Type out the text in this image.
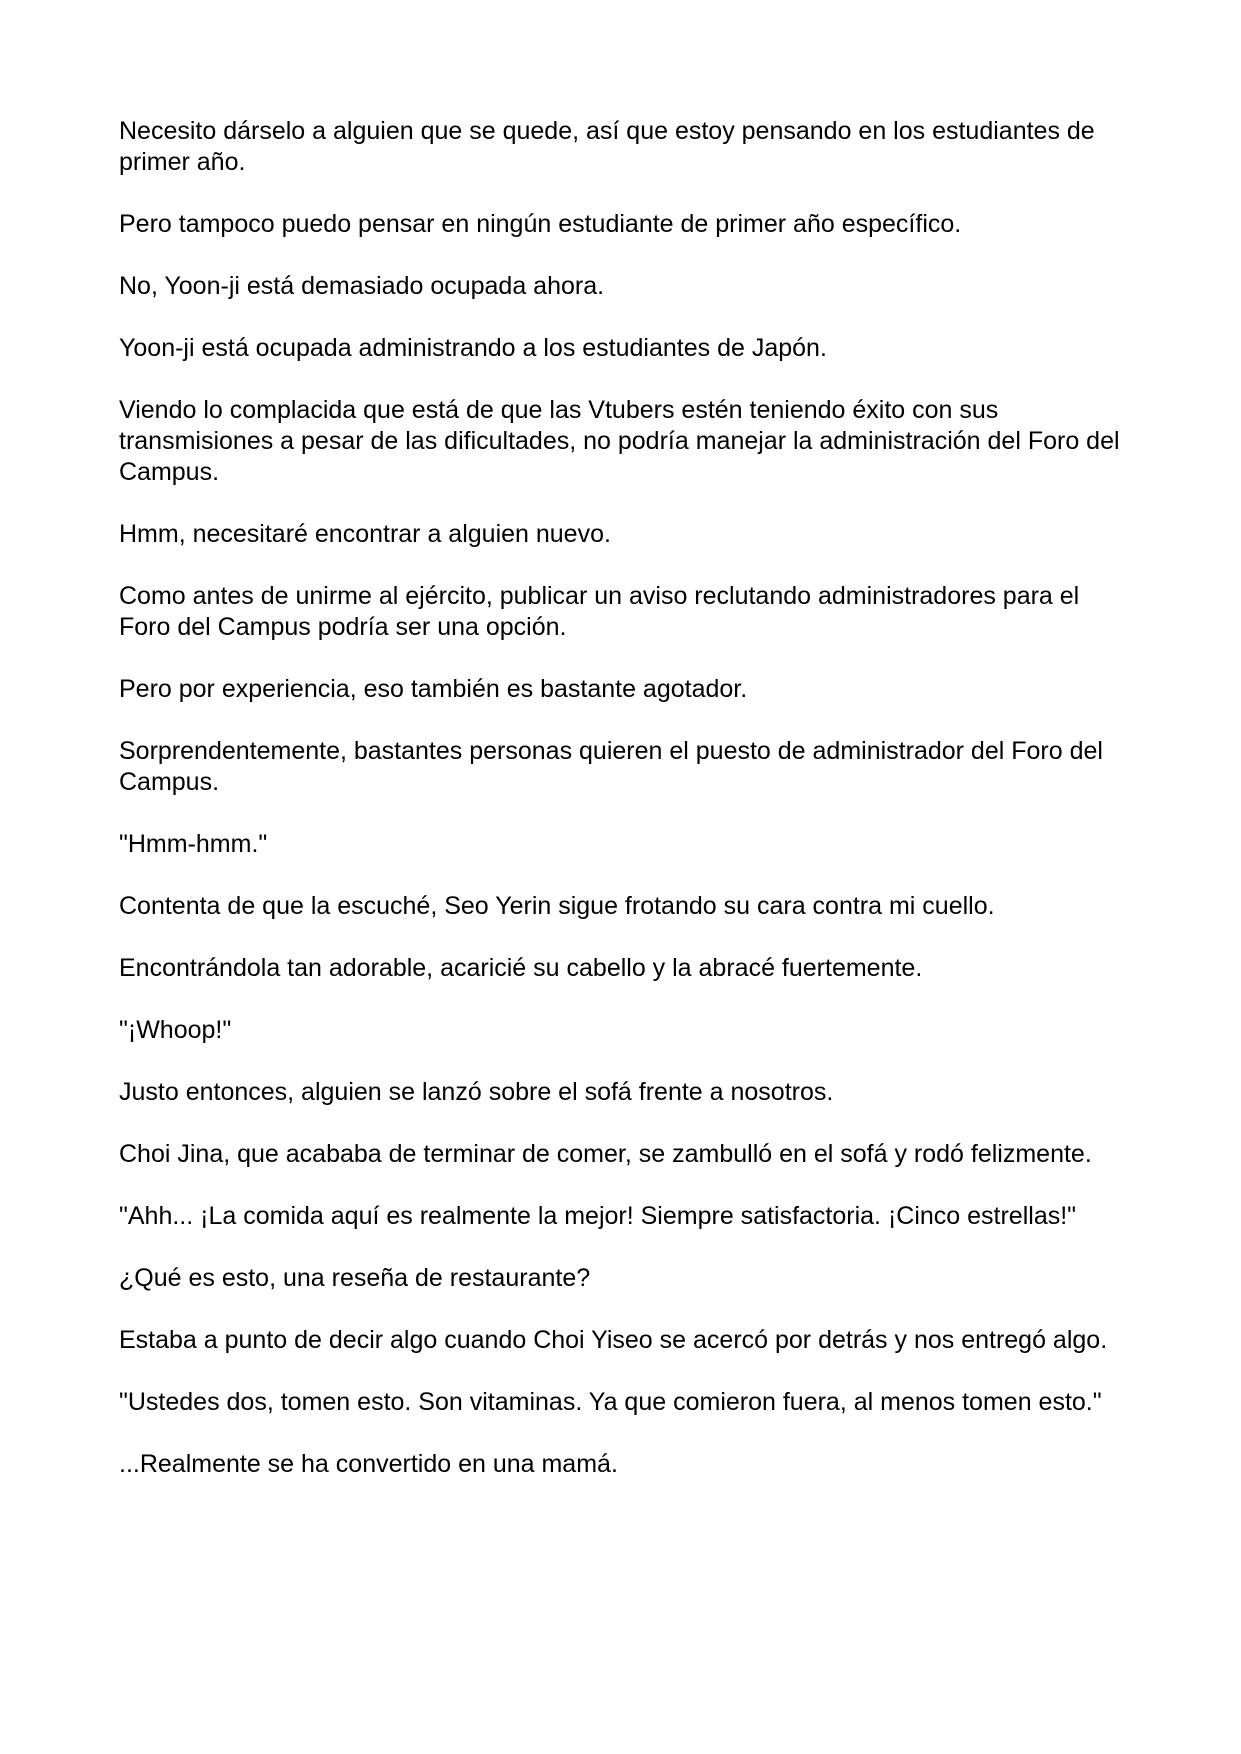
Necesito dárselo a alguien que se quede, así que estoy pensando en los estudiantes de primer año.

Pero tampoco puedo pensar en ningún estudiante de primer año específico.

No, Yoon-ji está demasiado ocupada ahora.

Yoon-ji está ocupada administrando a los estudiantes de Japón.

Viendo lo complacida que está de que las Vtubers estén teniendo éxito con sus transmisiones a pesar de las dificultades, no podría manejar la administración del Foro del Campus.

Hmm, necesitaré encontrar a alguien nuevo.

Como antes de unirme al ejército, publicar un aviso reclutando administradores para el Foro del Campus podría ser una opción.

Pero por experiencia, eso también es bastante agotador.

Sorprendentemente, bastantes personas quieren el puesto de administrador del Foro del Campus.

"Hmm-hmm."

Contenta de que la escuché, Seo Yerin sigue frotando su cara contra mi cuello.

Encontrándola tan adorable, acaricié su cabello y la abracé fuertemente.

"¡Whoop!"

Justo entonces, alguien se lanzó sobre el sofá frente a nosotros.

Choi Jina, que acababa de terminar de comer, se zambulló en el sofá y rodó felizmente.

"Ahh... ¡La comida aquí es realmente la mejor! Siempre satisfactoria. ¡Cinco estrellas!"

¿Qué es esto, una reseña de restaurante?

Estaba a punto de decir algo cuando Choi Yiseo se acercó por detrás y nos entregó algo.

"Ustedes dos, tomen esto. Son vitaminas. Ya que comieron fuera, al menos tomen esto."

...Realmente se ha convertido en una mamá.
